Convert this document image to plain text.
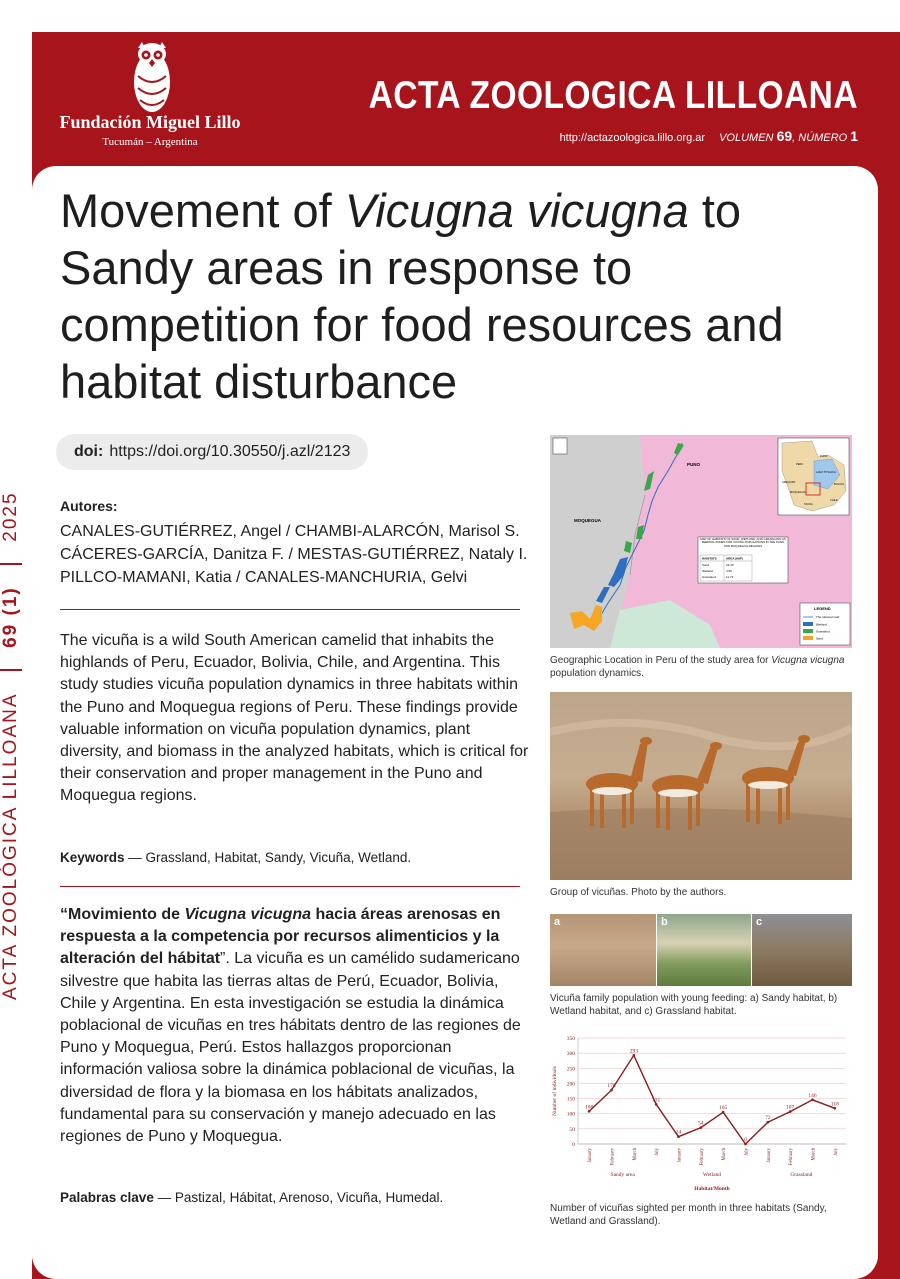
Fundación Miguel Lillo
Tucumán – Argentina
ACTA ZOOLOGICA LILLOANA
http://actazoologica.lillo.org.ar VOLUMEN 69, NÚMERO 1
ACTA ZOOLÓGICA LILLOANA  69 (1)  2025
Movement of Vicugna vicugna to Sandy areas in response to competition for food resources and habitat disturbance
doi: https://doi.org/10.30550/j.azl/2123
Autores:
CANALES-GUTIÉRREZ, Angel / CHAMBI-ALARCÓN, Marisol S.
CÁCERES-GARCÍA, Danitza F. / MESTAS-GUTIÉRREZ, Nataly I.
PILLCO-MAMANI, Katia / CANALES-MANCHURIA, Gelvi

The vicuña is a wild South American camelid that inhabits the highlands of Peru, Ecuador, Bolivia, Chile, and Argentina. This study studies vicuña population dynamics in three habitats within the Puno and Moquegua regions of Peru. These findings provide valuable information on vicuña population dynamics, plant diversity, and biomass in the analyzed habitats, which is critical for their conservation and proper management in the Puno and Moquegua regions.

Keywords — Grassland, Habitat, Sandy, Vicuña, Wetland.

“Movimiento de Vicugna vicugna hacia áreas arenosas en respuesta a la competencia por recursos alimenticios y la alteración del hábitat”. La vicuña es un camélido sudamericano silvestre que habita las tierras altas de Perú, Ecuador, Bolivia, Chile y Argentina. En esta investigación se estudia la dinámica poblacional de vicuñas en tres hábitats dentro de las regiones de Puno y Moquegua, Perú. Estos hallazgos proporcionan información valiosa sobre la dinámica poblacional de vicuñas, la diversidad de flora y la biomasa en los hábitats analizados, fundamental para su conservación y manejo adecuado en las regiones de Puno y Moquegua.

Palabras clave — Pastizal, Hábitat, Arenoso, Vicuña, Humedal.
PUNO
MOQUEGUA
PERU
PUNO
AREQUIPA
MOQUEGUA
LAGO TITICACA
BOLIVIA
TACNA
CHILE
MAP OF HABITATS OF SAND, WETLAND, AND GRASSLAND AS FEEDING ZONES FOR VICUÑA POPULATIONS IN THE PUNO AND MOQUEGUA REGIONS
HABITATS	AREA (KM²)
Sand	23.43
Wetland	4.59
Grassland	11.72
LEGEND
The national road
Wetland
Grassland
Sand
Geographic Location in Peru of the study area for Vicugna vicugna population dynamics.
Group of vicuñas. Photo by the authors.
a	b	c
Vicuña family population with young feeding: a) Sandy habitat, b) Wetland habitat, and c) Grassland habitat.
0
50
100
150
200
250
300
350
Number of individuals	108
178
293
131
24
54
105
0
72
107
146
118
January	February	March	July	January	February	March	July	January	February	March	July
Sandy area	Wetland	Grassland
Habitat/Month
Number of vicuñas sighted per month in three habitats (Sandy, Wetland and Grassland).
